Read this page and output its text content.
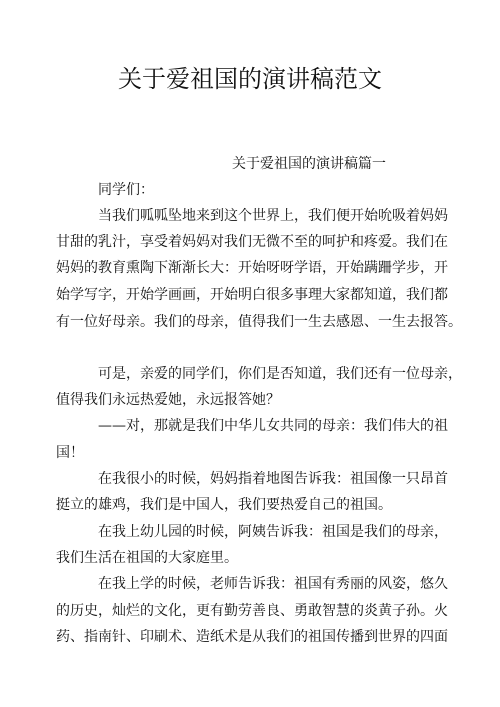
关于爱祖国的演讲稿范文
关于爱祖国的演讲稿篇一
同学们：
当我们呱呱坠地来到这个世界上，我们便开始吮吸着妈妈
甘甜的乳汁，享受着妈妈对我们无微不至的呵护和疼爱。我们在
妈妈的教育熏陶下渐渐长大：开始呀呀学语，开始蹒跚学步，开
始学写字，开始学画画，开始明白很多事理大家都知道，我们都
有一位好母亲。我们的母亲，值得我们一生去感恩、一生去报答。
可是，亲爱的同学们，你们是否知道，我们还有一位母亲，
值得我们永远热爱她，永远报答她？
——对，那就是我们中华儿女共同的母亲：我们伟大的祖
国！
在我很小的时候，妈妈指着地图告诉我：祖国像一只昂首
挺立的雄鸡，我们是中国人，我们要热爱自己的祖国。
在我上幼儿园的时候，阿姨告诉我：祖国是我们的母亲，
我们生活在祖国的大家庭里。
在我上学的时候，老师告诉我：祖国有秀丽的风姿，悠久
的历史，灿烂的文化，更有勤劳善良、勇敢智慧的炎黄子孙。火
药、指南针、印刷术、造纸术是从我们的祖国传播到世界的四面
